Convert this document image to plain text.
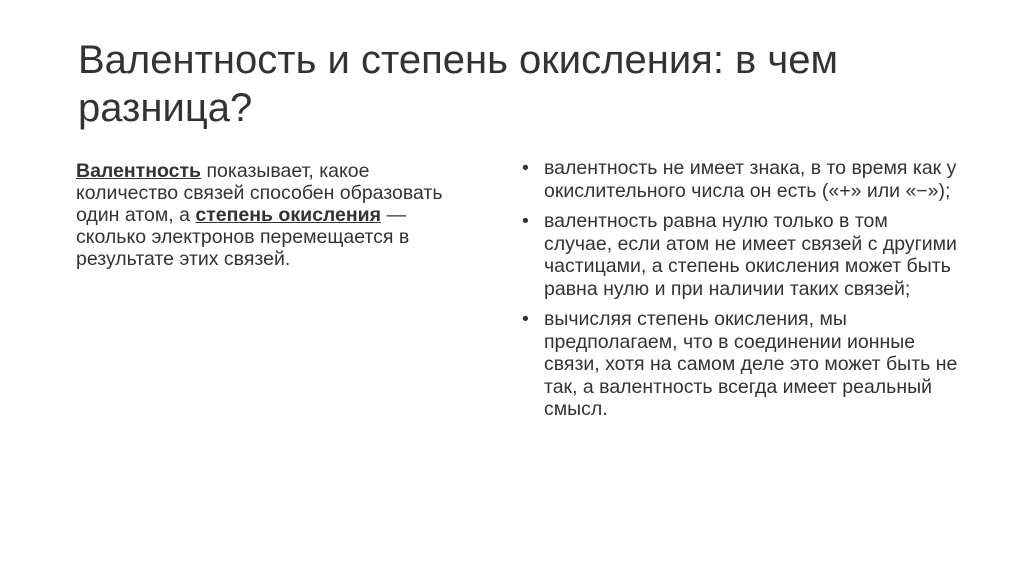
Валентность и степень окисления: в чем разница?
Валентность показывает, какое количество связей способен образовать один атом, а степень окисления — сколько электронов перемещается в результате этих связей.
• валентность не имеет знака, в то время как у окислительного числа он есть («+» или «−»);
• валентность равна нулю только в том случае, если атом не имеет связей с другими частицами, а степень окисления может быть равна нулю и при наличии таких связей;
• вычисляя степень окисления, мы предполагаем, что в соединении ионные связи, хотя на самом деле это может быть не так, а валентность всегда имеет реальный смысл.
